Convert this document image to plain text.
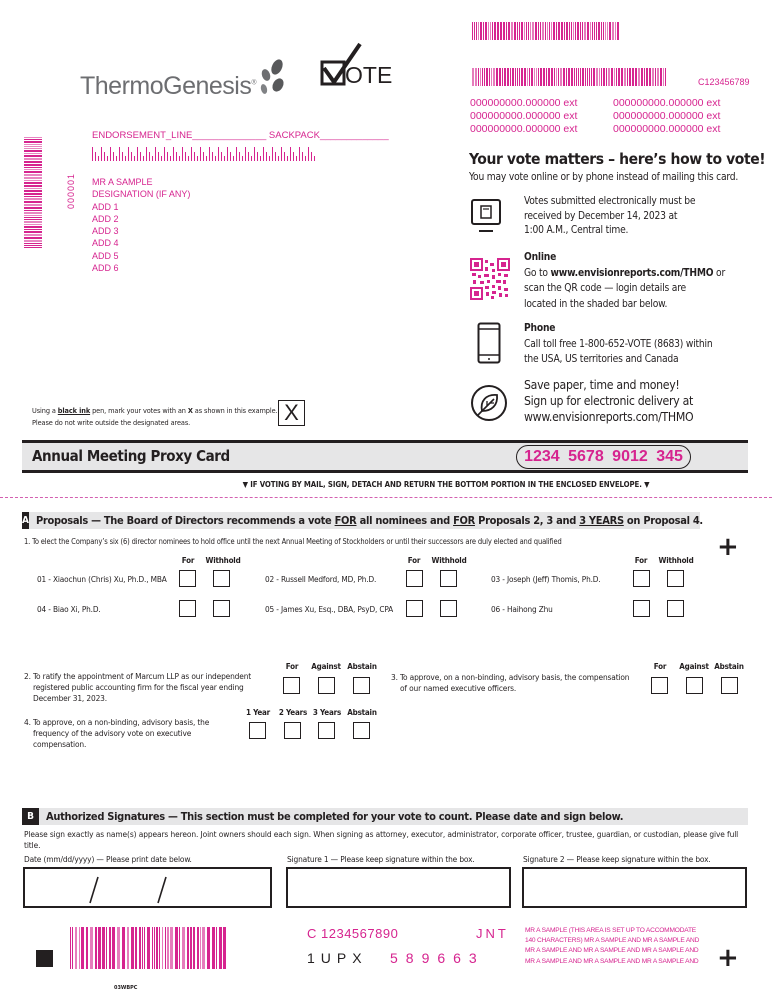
ThermoGenesis®	OTE	C123456789
000000000.000000 ext	000000000.000000 ext
000000000.000000 ext	000000000.000000 ext
000000000.000000 ext	000000000.000000 ext
ENDORSEMENT_LINE______________ SACKPACK_____________
000001 MR A SAMPLE
DESIGNATION (IF ANY)
ADD 1
ADD 2
ADD 3
ADD 4
ADD 5
ADD 6
Your vote matters – here’s how to vote!
You may vote online or by phone instead of mailing this card.
Votes submitted electronically must be
received by December 14, 2023 at
1:00 A.M., Central time.
Online
Go to www.envisionreports.com/THMO or
scan the QR code — login details are
located in the shaded bar below.
Phone
Call toll free 1-800-652-VOTE (8683) within
the USA, US territories and Canada
Save paper, time and money!
Sign up for electronic delivery at
www.envisionreports.com/THMO
Using a black ink pen, mark your votes with an X as shown in this example.
Please do not write outside the designated areas.	X
Annual Meeting Proxy Card	1234 5678 9012 345
▼ IF VOTING BY MAIL, SIGN, DETACH AND RETURN THE BOTTOM PORTION IN THE ENCLOSED ENVELOPE. ▼
A Proposals — The Board of Directors recommends a vote FOR all nominees and FOR Proposals 2, 3 and 3 YEARS on Proposal 4.
1. To elect the Company’s six (6) director nominees to hold office until the next Annual Meeting of Stockholders or until their successors are duly elected and qualified	+
For Withhold	For Withhold	For Withhold
01 - Xiaochun (Chris) Xu, Ph.D., MBA	02 - Russell Medford, MD, Ph.D.	03 - Joseph (Jeff) Thomis, Ph.D.
04 - Biao Xi, Ph.D.	05 - James Xu, Esq., DBA, PsyD, CPA	06 - Haihong Zhu
2. To ratify the appointment of Marcum LLP as our independent
registered public accounting firm for the fiscal year ending
December 31, 2023.
For	Against Abstain
3. To approve, on a non-binding, advisory basis, the compensation
of our named executive officers.
For	Against Abstain
4. To approve, on a non-binding, advisory basis, the
frequency of the advisory vote on executive
compensation.
1 Year	2 Years 3 Years Abstain
B	Authorized Signatures — This section must be completed for your vote to count. Please date and sign below.
Please sign exactly as name(s) appears hereon. Joint owners should each sign. When signing as attorney, executor, administrator, corporate officer, trustee, guardian, or custodian, please give full title.
Date (mm/dd/yyyy) — Please print date below.	Signature 1 — Please keep signature within the box.	Signature 2 — Please keep signature within the box.
C 1234567890	JNT
1UPX 589663
MR A SAMPLE (THIS AREA IS SET UP TO ACCOMMODATE
140 CHARACTERS) MR A SAMPLE AND MR A SAMPLE AND
MR A SAMPLE AND MR A SAMPLE AND MR A SAMPLE AND
MR A SAMPLE AND MR A SAMPLE AND MR A SAMPLE AND +
03WBPC
